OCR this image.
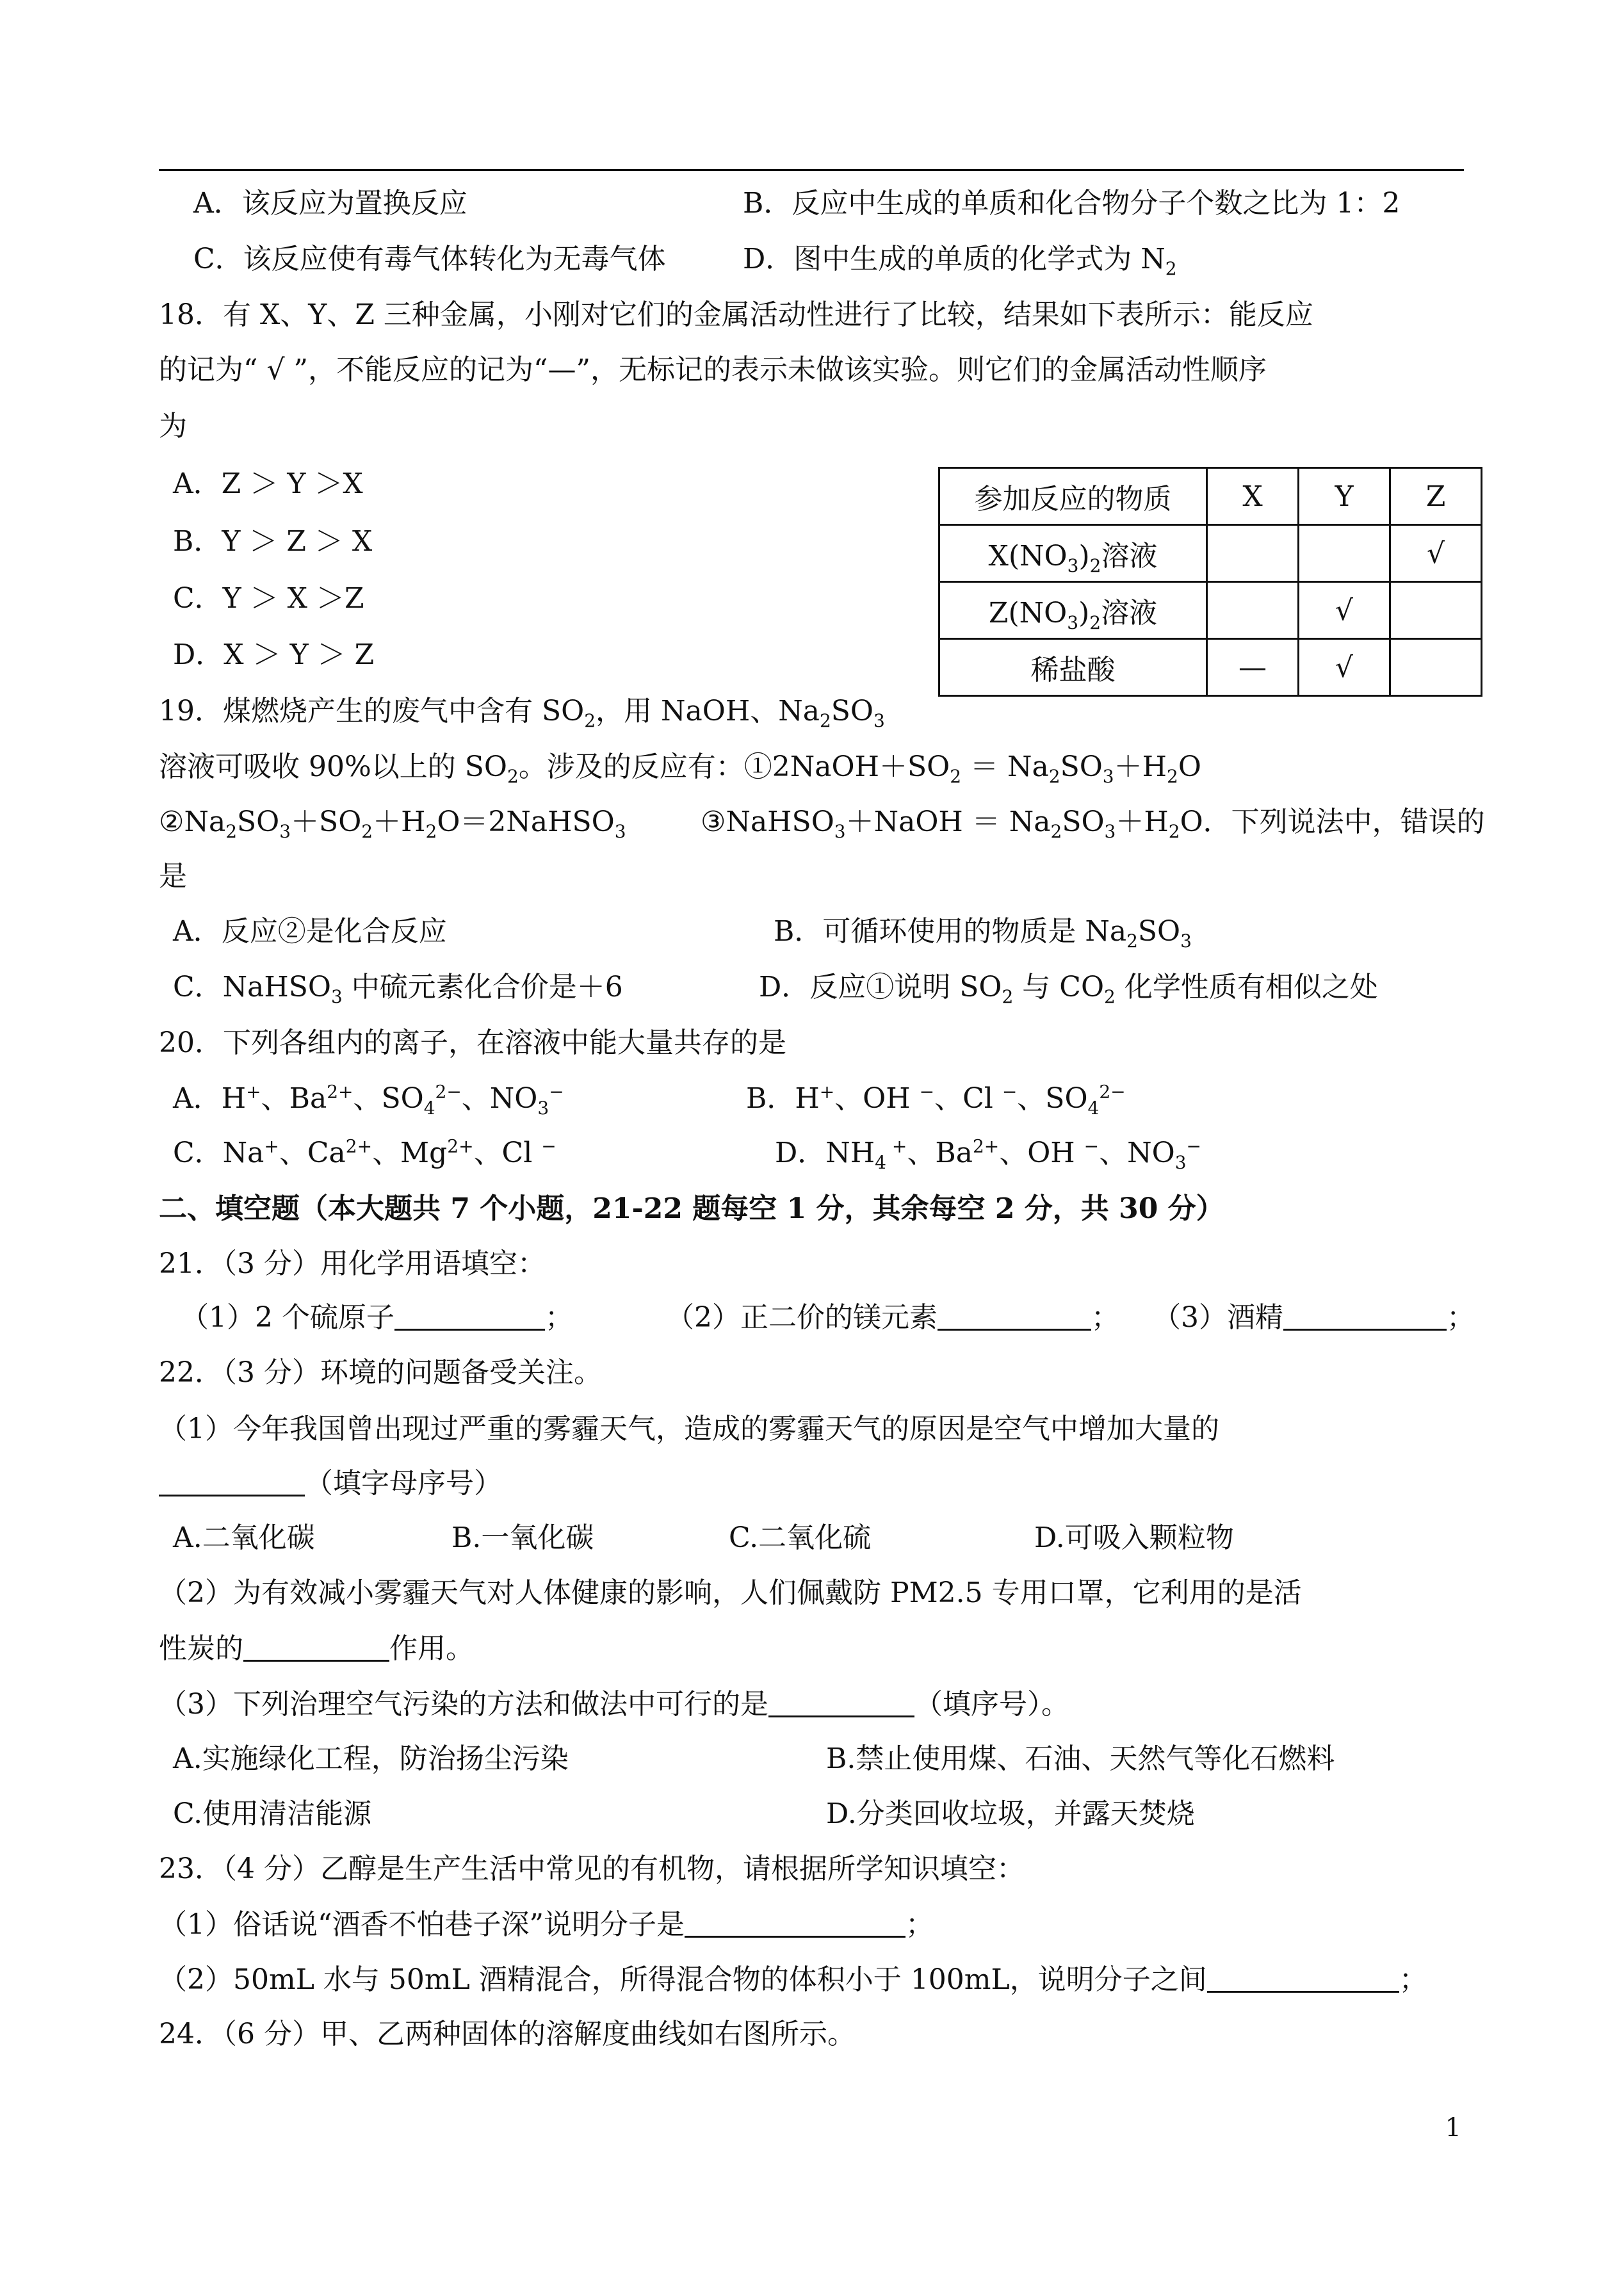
A．该反应为置换反应	B．反应中生成的单质和化合物分子个数之比为 1：2
C．该反应使有毒气体转化为无毒气体	D．图中生成的单质的化学式为 $N_2$
18．有 X、Y、Z 三种金属，小刚对它们的金属活动性进行了比较，结果如下表所示：能反应
的记为“ √ ”，不能反应的记为“—”，无标记的表示未做该实验。则它们的金属活动性顺序
为
A．Z ＞ Y ＞X
B．Y ＞ Z ＞ X
C．Y ＞ X ＞Z
D．X ＞ Y ＞ Z
参加反应的物质	X	Y	Z
$X(NO_3)_2$溶液			√
$Z(NO_3)_2$溶液		√	
稀盐酸	—	√	
19．煤燃烧产生的废气中含有 $SO_2$，用 NaOH、$Na_2SO_3$
溶液可吸收 90%以上的 $SO_2$。涉及的反应有：$①2NaOH+SO_2 = Na_2SO_3+H_2O$
$②Na_2SO_3+SO_2+H_2O=2NaHSO_3$	③NaHSO$_3$＋NaOH ＝ $Na_2SO_3+H_2O$．下列说法中，错误的
是
A．反应②是化合反应	B．可循环使用的物质是 $Na_2SO_3$
C．NaHSO$_3$ 中硫元素化合价是＋6	D．反应①说明 $SO_2$ 与 $CO_2$ 化学性质有相似之处
20．下列各组内的离子，在溶液中能大量共存的是
A．H+、$Ba^{2+}$、$SO_4^{2-}$、$NO_3^-$	B．H+、OH −、Cl −、$SO_4^{2-}$
C．Na+、$Ca^{2+}$、$Mg^{2+}$、Cl −	D．$NH_4$ +、$Ba^{2+}$、OH −、$NO_3^-$
二、填空题（本大题共 7 个小题，21-22 题每空 1 分，其余每空 2 分，共 30 分）
21．（3 分）用化学用语填空：
（1）2 个硫原子	；	（2）正二价的镁元素	； （3）酒精	；
22．（3 分）环境的问题备受关注。
（1）今年我国曾出现过严重的雾霾天气，造成的雾霾天气的原因是空气中增加大量的
（填字母序号）
A.二氧化碳	B.一氧化碳	C.二氧化硫	D.可吸入颗粒物
（2）为有效减小雾霾天气对人体健康的影响，人们佩戴防 PM2.5 专用口罩，它利用的是活
性炭的	作用。
（3）下列治理空气污染的方法和做法中可行的是	（填序号）。
A.实施绿化工程，防治扬尘污染	B.禁止使用煤、石油、天然气等化石燃料
C.使用清洁能源	D.分类回收垃圾，并露天焚烧
23．（4 分）乙醇是生产生活中常见的有机物，请根据所学知识填空：
（1）俗话说“酒香不怕巷子深”说明分子是	；
（2）50mL 水与 50mL 酒精混合，所得混合物的体积小于 100mL，说明分子之间	；
24．（6 分）甲、乙两种固体的溶解度曲线如右图所示。
1
